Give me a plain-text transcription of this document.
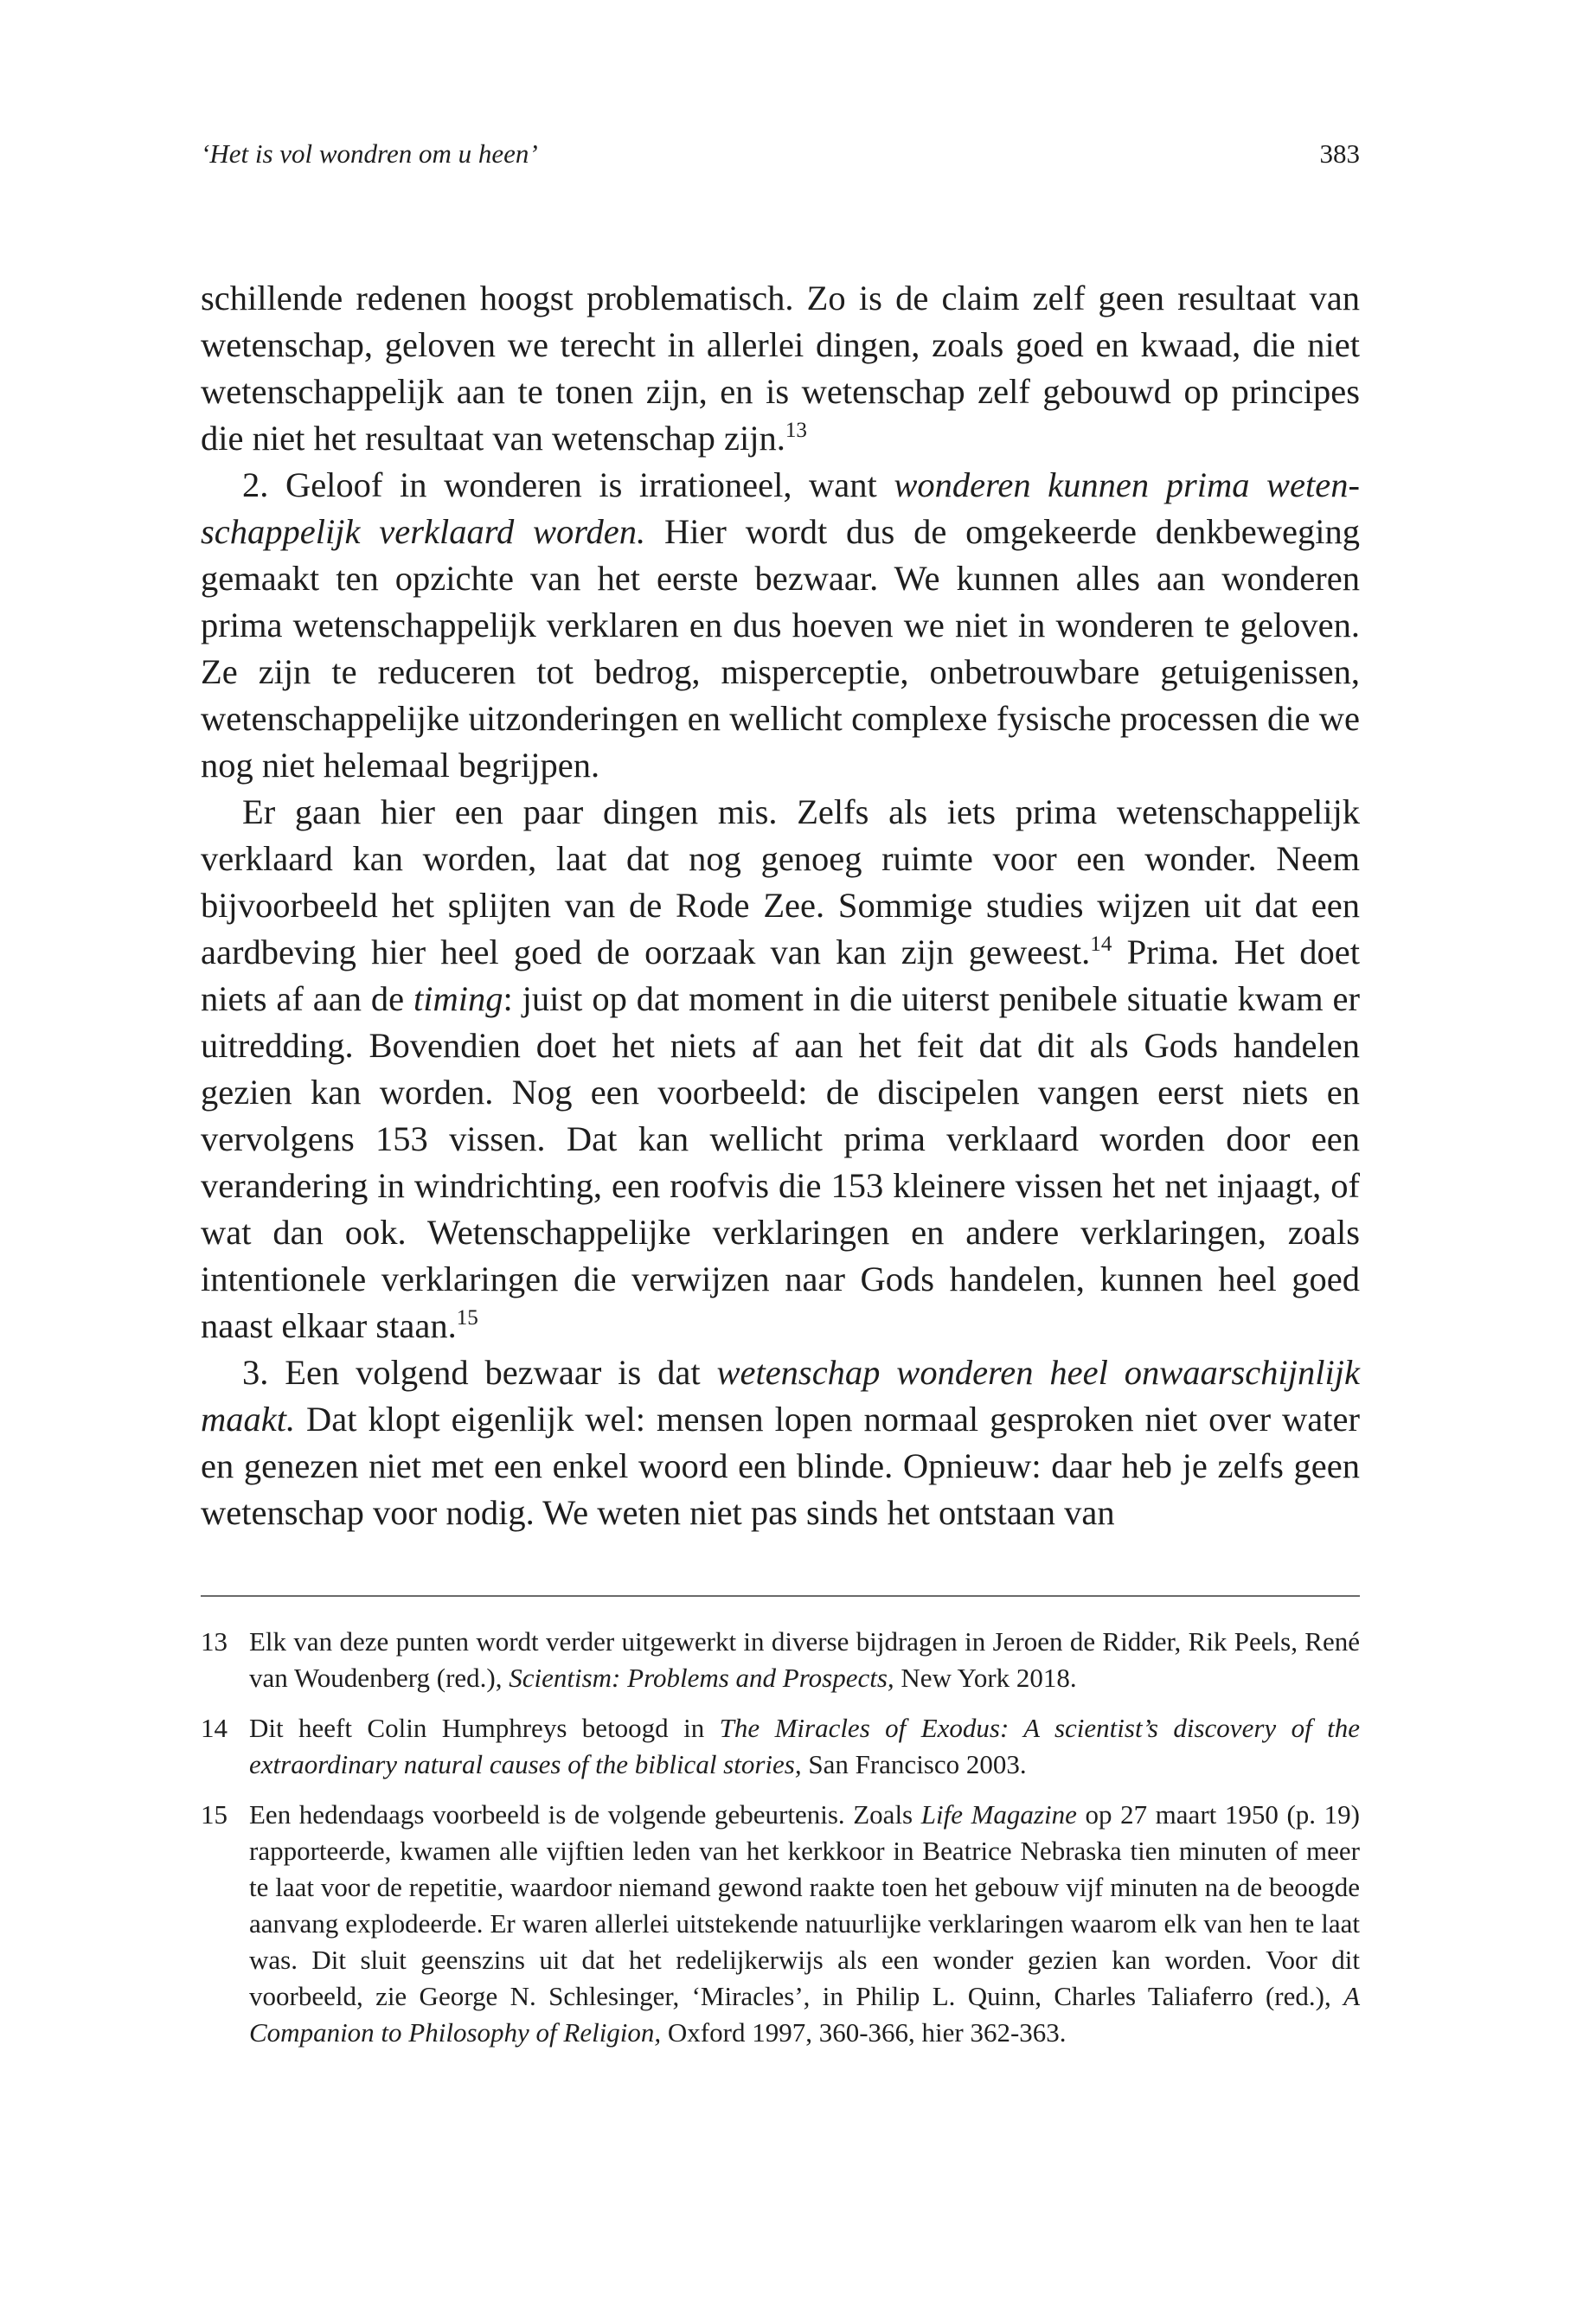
‘Het is vol wondren om u heen’	383

schillende redenen hoogst problematisch. Zo is de claim zelf geen resultaat van wetenschap, geloven we terecht in allerlei dingen, zoals goed en kwaad, die niet wetenschappelijk aan te tonen zijn, en is wetenschap zelf gebouwd op principes die niet het resultaat van wetenschap zijn.$^{13}$

2. Geloof in wonderen is irrationeel, want wonderen kunnen prima wetenschappelijk verklaard worden. Hier wordt dus de omgekeerde denkbeweging gemaakt ten opzichte van het eerste bezwaar. We kunnen alles aan wonderen prima wetenschappelijk verklaren en dus hoeven we niet in wonderen te geloven. Ze zijn te reduceren tot bedrog, misperceptie, onbetrouwbare getuigenissen, wetenschappelijke uitzonderingen en wellicht complexe fysische processen die we nog niet helemaal begrijpen.

Er gaan hier een paar dingen mis. Zelfs als iets prima wetenschappelijk verklaard kan worden, laat dat nog genoeg ruimte voor een wonder. Neem bijvoorbeeld het splijten van de Rode Zee. Sommige studies wijzen uit dat een aardbeving hier heel goed de oorzaak van kan zijn geweest.$^{14}$ Prima. Het doet niets af aan de timing: juist op dat moment in die uiterst penibele situatie kwam er uitredding. Bovendien doet het niets af aan het feit dat dit als Gods handelen gezien kan worden. Nog een voorbeeld: de discipelen vangen eerst niets en vervolgens 153 vissen. Dat kan wellicht prima verklaard worden door een verandering in windrichting, een roofvis die 153 kleinere vissen het net injaagt, of wat dan ook. Wetenschappelijke verklaringen en andere verklaringen, zoals intentionele verklaringen die verwijzen naar Gods handelen, kunnen heel goed naast elkaar staan.$^{15}$

3. Een volgend bezwaar is dat wetenschap wonderen heel onwaarschijnlijk maakt. Dat klopt eigenlijk wel: mensen lopen normaal gesproken niet over water en genezen niet met een enkel woord een blinde. Opnieuw: daar heb je zelfs geen wetenschap voor nodig. We weten niet pas sinds het ontstaan van

13 Elk van deze punten wordt verder uitgewerkt in diverse bijdragen in Jeroen de Ridder, Rik Peels, René van Woudenberg (red.), Scientism: Problems and Prospects, New York 2018.
14 Dit heeft Colin Humphreys betoogd in The Miracles of Exodus: A scientist’s discovery of the extraordinary natural causes of the biblical stories, San Francisco 2003.
15 Een hedendaags voorbeeld is de volgende gebeurtenis. Zoals Life Magazine op 27 maart 1950 (p. 19) rapporteerde, kwamen alle vijftien leden van het kerkkoor in Beatrice Nebraska tien minuten of meer te laat voor de repetitie, waardoor niemand gewond raakte toen het gebouw vijf minuten na de beoogde aanvang explodeerde. Er waren allerlei uitstekende natuurlijke verklaringen waarom elk van hen te laat was. Dit sluit geenszins uit dat het redelijkerwijs als een wonder gezien kan worden. Voor dit voorbeeld, zie George N. Schlesinger, ‘Miracles’, in Philip L. Quinn, Charles Taliaferro (red.), A Companion to Philosophy of Religion, Oxford 1997, 360-366, hier 362-363.
